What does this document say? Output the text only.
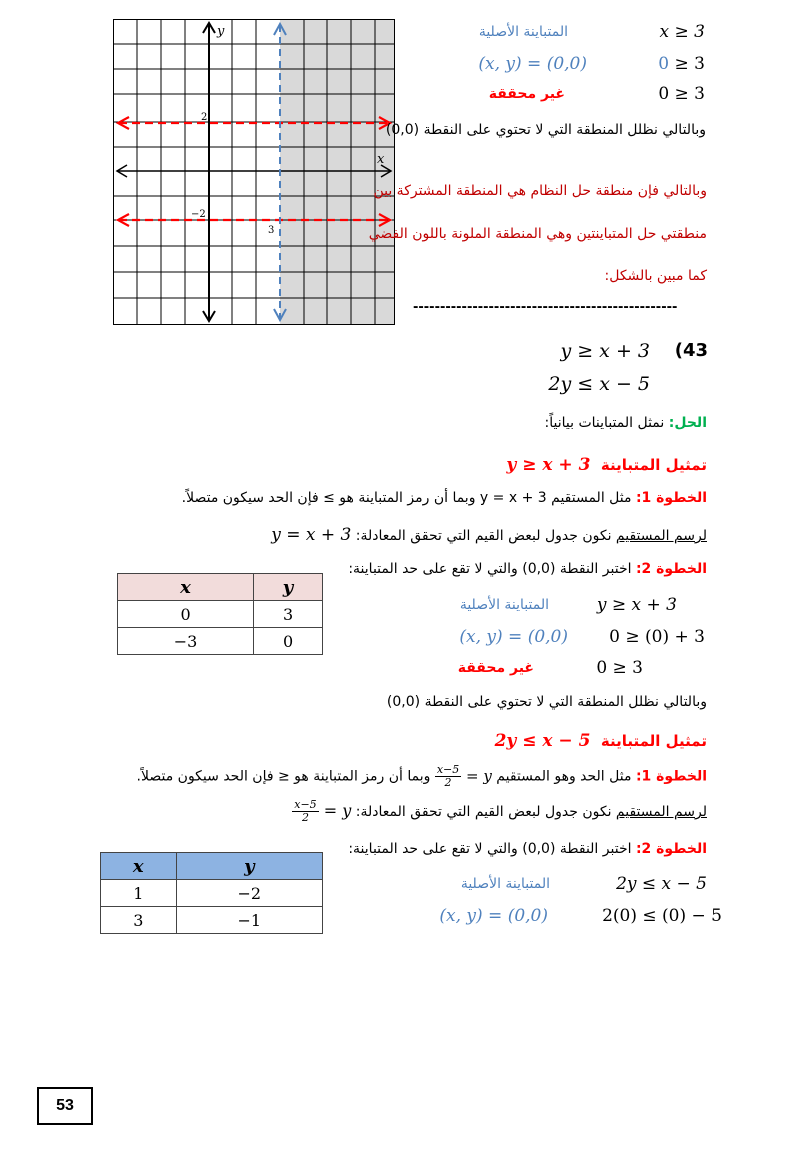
y
x
2
−2
3
x ≥ 3
المتباينة الأصلية
0 ≥ 3
(x, y) = (0,0)
0 ≥ 3
غير محققة
وبالتالي نظلل المنطقة التي لا تحتوي على النقطة (0,0)
وبالتالي فإن منطقة حل النظام هي المنطقة المشتركة بين
منطقتي حل المتباينتين وهي المنطقة الملونة باللون الفضي
كما مبين بالشكل:
-------------------------------------------------
(43
y ≥ x + 3
2y ≤ x − 5
الحل: نمثل المتباينات بيانياً:
تمثيل المتباينة  y ≥ x + 3
الخطوة 1: مثل المستقيم y = x + 3 وبما أن رمز المتباينة هو ≥ فإن الحد سيكون متصلاً.
لرسم المستقيم نكون جدول لبعض القيم التي تحقق المعادلة: y = x + 3
الخطوة 2: اختبر النقطة (0,0) والتي لا تقع على حد المتباينة:
y ≥ x + 3
المتباينة الأصلية
0 ≥ (0) + 3
(x, y) = (0,0)
0 ≥ 3
غير محققة
وبالتالي نظلل المنطقة التي لا تحتوي على النقطة (0,0)
x	y
0	3
−3	0
تمثيل المتباينة  2y ≤ x − 5
الخطوة 1: مثل الحد وهو المستقيم y =
$\frac{x-5}{2}$
وبما أن رمز المتباينة هو ≤ فإن الحد سيكون متصلاً.
لرسم المستقيم نكون جدول لبعض القيم التي تحقق المعادلة: y =
$\frac{x-5}{2}$
الخطوة 2: اختبر النقطة (0,0) والتي لا تقع على حد المتباينة:
2y ≤ x − 5
المتباينة الأصلية
2(0) ≤ (0) − 5
(x, y) = (0,0)
x	y
1	−2
3	−1
53
